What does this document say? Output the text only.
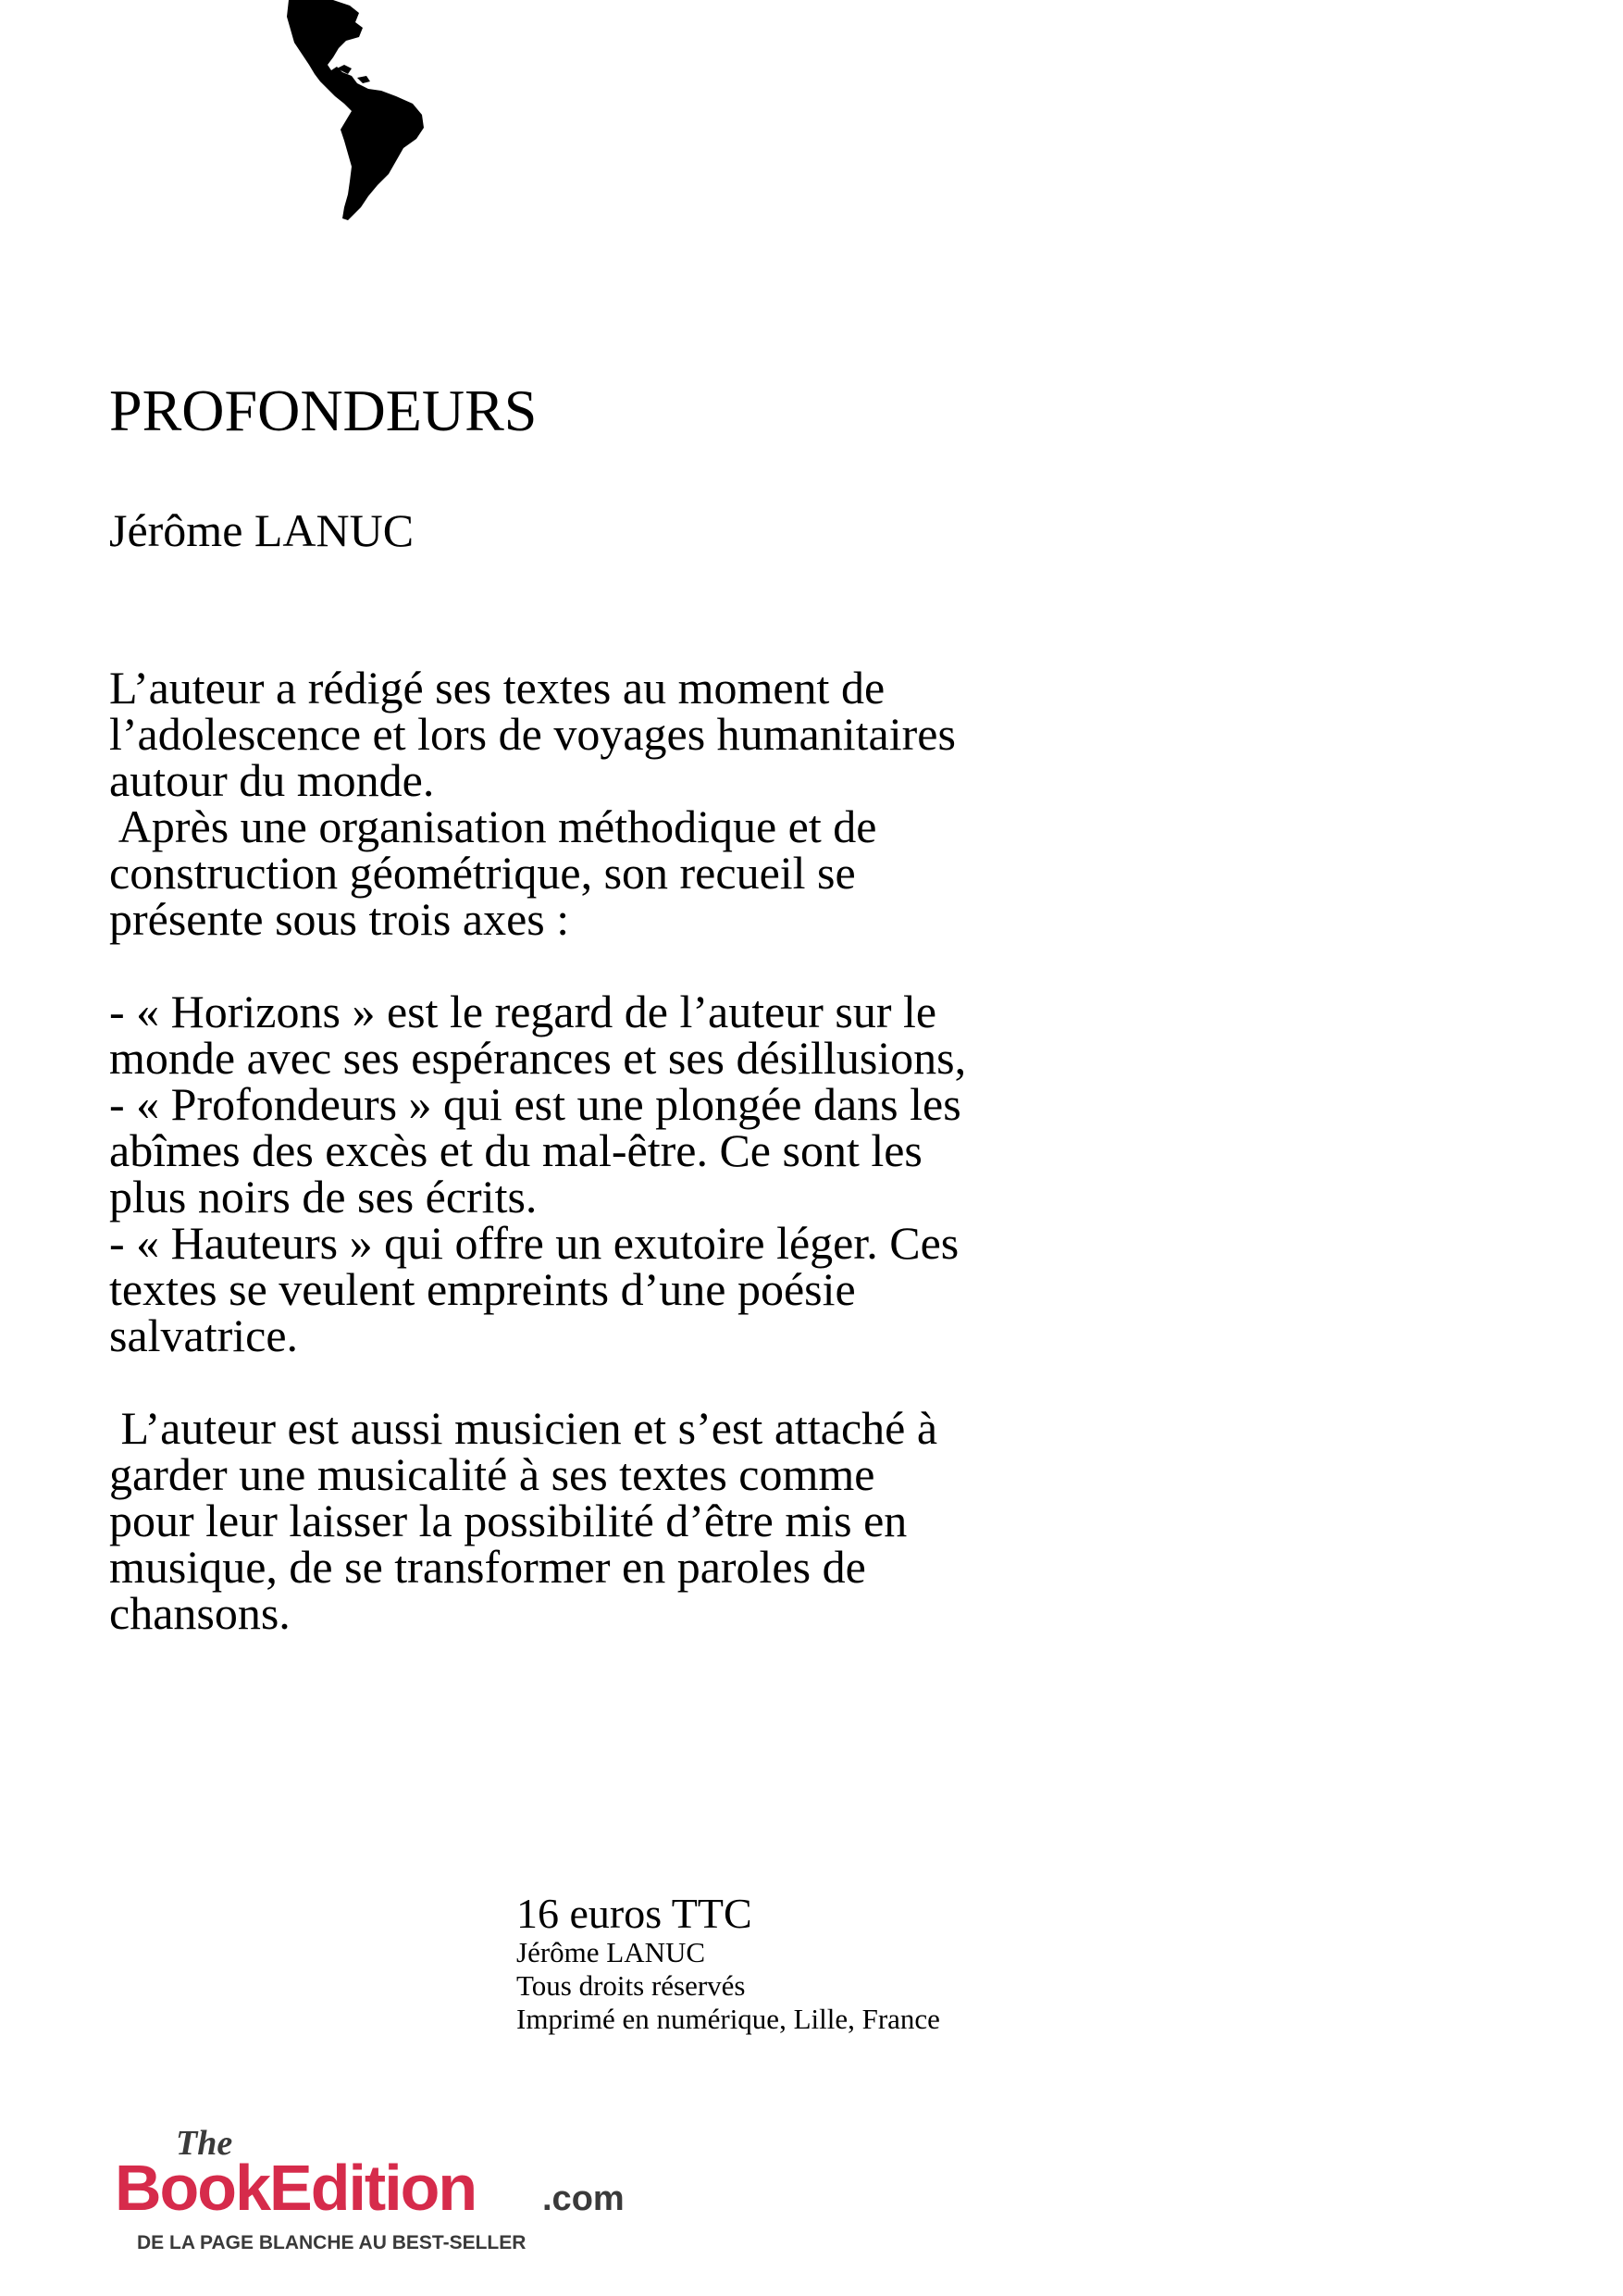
PROFONDEURS
Jérôme LANUC

L’auteur a rédigé ses textes au moment de
l’adolescence et lors de voyages humanitaires
autour du monde.
Après une organisation méthodique et de
construction géométrique, son recueil se
présente sous trois axes :

- « Horizons » est le regard de l’auteur sur le
monde avec ses espérances et ses désillusions,
- « Profondeurs » qui est une plongée dans les
abîmes des excès et du mal-être. Ce sont les
plus noirs de ses écrits.
- « Hauteurs » qui offre un exutoire léger. Ces
textes se veulent empreints d’une poésie
salvatrice.

L’auteur est aussi musicien et s’est attaché à
garder une musicalité à ses textes comme
pour leur laisser la possibilité d’être mis en
musique, de se transformer en paroles de
chansons.

16 euros TTC
Jérôme LANUC
Tous droits réservés
Imprimé en numérique, Lille, France
The
BookEdition .com
DE LA PAGE BLANCHE AU BEST-SELLER
